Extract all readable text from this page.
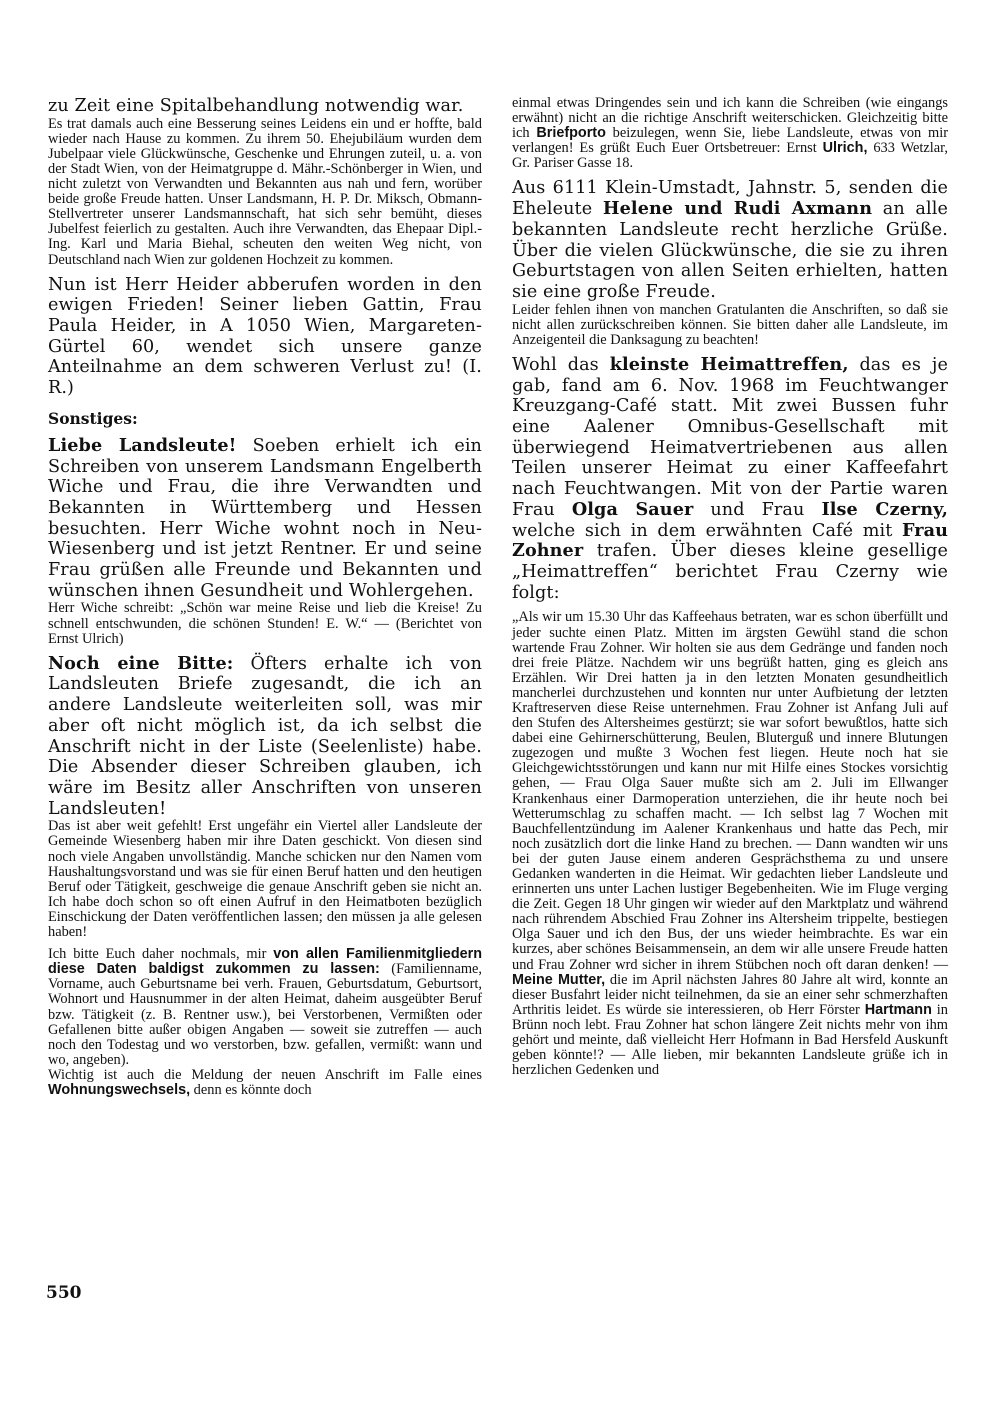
zu Zeit eine Spitalbehandlung notwendig war.

Es trat damals auch eine Besserung seines Leidens ein und er hoffte, bald wieder nach Hause zu kommen. Zu ihrem 50. Ehejubiläum wurden dem Jubelpaar viele Glückwünsche, Geschenke und Ehrungen zuteil, u. a. von der Stadt Wien, von der Heimatgruppe d. Mähr.-Schönberger in Wien, und nicht zuletzt von Verwandten und Bekannten aus nah und fern, worüber beide große Freude hatten. Unser Landsmann, H. P. Dr. Miksch, Obmann-Stellvertreter unserer Landsmannschaft, hat sich sehr bemüht, dieses Jubelfest feierlich zu gestalten. Auch ihre Verwandten, das Ehepaar Dipl.-Ing. Karl und Maria Biehal, scheuten den weiten Weg nicht, von Deutschland nach Wien zur goldenen Hochzeit zu kommen.

Nun ist Herr Heider abberufen worden in den ewigen Frieden! Seiner lieben Gattin, Frau Paula Heider, in A 1050 Wien, Margareten-Gürtel 60, wendet sich unsere ganze Anteilnahme an dem schweren Verlust zu! (I. R.)

Sonstiges:

Liebe Landsleute! Soeben erhielt ich ein Schreiben von unserem Landsmann Engelberth Wiche und Frau, die ihre Verwandten und Bekannten in Württemberg und Hessen besuchten. Herr Wiche wohnt noch in Neu-Wiesenberg und ist jetzt Rentner. Er und seine Frau grüßen alle Freunde und Bekannten und wünschen ihnen Gesundheit und Wohlergehen.

Herr Wiche schreibt: „Schön war meine Reise und lieb die Kreise! Zu schnell entschwunden, die schönen Stunden! E. W.“ — (Berichtet von Ernst Ulrich)

Noch eine Bitte: Öfters erhalte ich von Landsleuten Briefe zugesandt, die ich an andere Landsleute weiterleiten soll, was mir aber oft nicht möglich ist, da ich selbst die Anschrift nicht in der Liste (Seelenliste) habe. Die Absender dieser Schreiben glauben, ich wäre im Besitz aller Anschriften von unseren Landsleuten!

Das ist aber weit gefehlt! Erst ungefähr ein Viertel aller Landsleute der Gemeinde Wiesenberg haben mir ihre Daten geschickt. Von diesen sind noch viele Angaben unvollständig. Manche schicken nur den Namen vom Haushaltungsvorstand und was sie für einen Beruf hatten und den heutigen Beruf oder Tätigkeit, geschweige die genaue Anschrift geben sie nicht an. Ich habe doch schon so oft einen Aufruf in den Heimatboten bezüglich Einschickung der Daten veröffentlichen lassen; den müssen ja alle gelesen haben!

Ich bitte Euch daher nochmals, mir von allen Familienmitgliedern diese Daten baldigst zukommen zu lassen: (Familienname, Vorname, auch Geburtsname bei verh. Frauen, Geburtsdatum, Geburtsort, Wohnort und Hausnummer in der alten Heimat, daheim ausgeübter Beruf bzw. Tätigkeit (z. B. Rentner usw.), bei Verstorbenen, Vermißten oder Gefallenen bitte außer obigen Angaben — soweit sie zutreffen — auch noch den Todestag und wo verstorben, bzw. gefallen, vermißt: wann und wo, angeben).

Wichtig ist auch die Meldung der neuen Anschrift im Falle eines Wohnungswechsels, denn es könnte doch

einmal etwas Dringendes sein und ich kann die Schreiben (wie eingangs erwähnt) nicht an die richtige Anschrift weiterschicken. Gleichzeitig bitte ich Briefporto beizulegen, wenn Sie, liebe Landsleute, etwas von mir verlangen! Es grüßt Euch Euer Ortsbetreuer: Ernst Ulrich, 633 Wetzlar, Gr. Pariser Gasse 18.

Aus 6111 Klein-Umstadt, Jahnstr. 5, senden die Eheleute Helene und Rudi Axmann an alle bekannten Landsleute recht herzliche Grüße. Über die vielen Glückwünsche, die sie zu ihren Geburtstagen von allen Seiten erhielten, hatten sie eine große Freude.

Leider fehlen ihnen von manchen Gratulanten die Anschriften, so daß sie nicht allen zurückschreiben können. Sie bitten daher alle Landsleute, im Anzeigenteil die Danksagung zu beachten!

Wohl das kleinste Heimattreffen, das es je gab, fand am 6. Nov. 1968 im Feuchtwanger Kreuzgang-Café statt. Mit zwei Bussen fuhr eine Aalener Omnibus-Gesellschaft mit überwiegend Heimatvertriebenen aus allen Teilen unserer Heimat zu einer Kaffeefahrt nach Feuchtwangen. Mit von der Partie waren Frau Olga Sauer und Frau Ilse Czerny, welche sich in dem erwähnten Café mit Frau Zohner trafen. Über dieses kleine gesellige „Heimattreffen“ berichtet Frau Czerny wie folgt:

„Als wir um 15.30 Uhr das Kaffeehaus betraten, war es schon überfüllt und jeder suchte einen Platz. Mitten im ärgsten Gewühl stand die schon wartende Frau Zohner. Wir holten sie aus dem Gedränge und fanden noch drei freie Plätze. Nachdem wir uns begrüßt hatten, ging es gleich ans Erzählen. Wir Drei hatten ja in den letzten Monaten gesundheitlich mancherlei durchzustehen und konnten nur unter Aufbietung der letzten Kraftreserven diese Reise unternehmen. Frau Zohner ist Anfang Juli auf den Stufen des Altersheimes gestürzt; sie war sofort bewußtlos, hatte sich dabei eine Gehirnerschütterung, Beulen, Bluterguß und innere Blutungen zugezogen und mußte 3 Wochen fest liegen. Heute noch hat sie Gleichgewichtsstörungen und kann nur mit Hilfe eines Stockes vorsichtig gehen, — Frau Olga Sauer mußte sich am 2. Juli im Ellwanger Krankenhaus einer Darmoperation unterziehen, die ihr heute noch bei Wetterumschlag zu schaffen macht. — Ich selbst lag 7 Wochen mit Bauchfellentzündung im Aalener Krankenhaus und hatte das Pech, mir noch zusätzlich dort die linke Hand zu brechen. — Dann wandten wir uns bei der guten Jause einem anderen Gesprächsthema zu und unsere Gedanken wanderten in die Heimat. Wir gedachten lieber Landsleute und erinnerten uns unter Lachen lustiger Begebenheiten. Wie im Fluge verging die Zeit. Gegen 18 Uhr gingen wir wieder auf den Marktplatz und während nach rührendem Abschied Frau Zohner ins Altersheim trippelte, bestiegen Olga Sauer und ich den Bus, der uns wieder heimbrachte. Es war ein kurzes, aber schönes Beisammensein, an dem wir alle unsere Freude hatten und Frau Zohner wrd sicher in ihrem Stübchen noch oft daran denken! — Meine Mutter, die im April nächsten Jahres 80 Jahre alt wird, konnte an dieser Busfahrt leider nicht teilnehmen, da sie an einer sehr schmerzhaften Arthritis leidet. Es würde sie interessieren, ob Herr Förster Hartmann in Brünn noch lebt. Frau Zohner hat schon längere Zeit nichts mehr von ihm gehört und meinte, daß vielleicht Herr Hofmann in Bad Hersfeld Auskunft geben könnte!? — Alle lieben, mir bekannten Landsleute grüße ich in herzlichen Gedenken und

550
